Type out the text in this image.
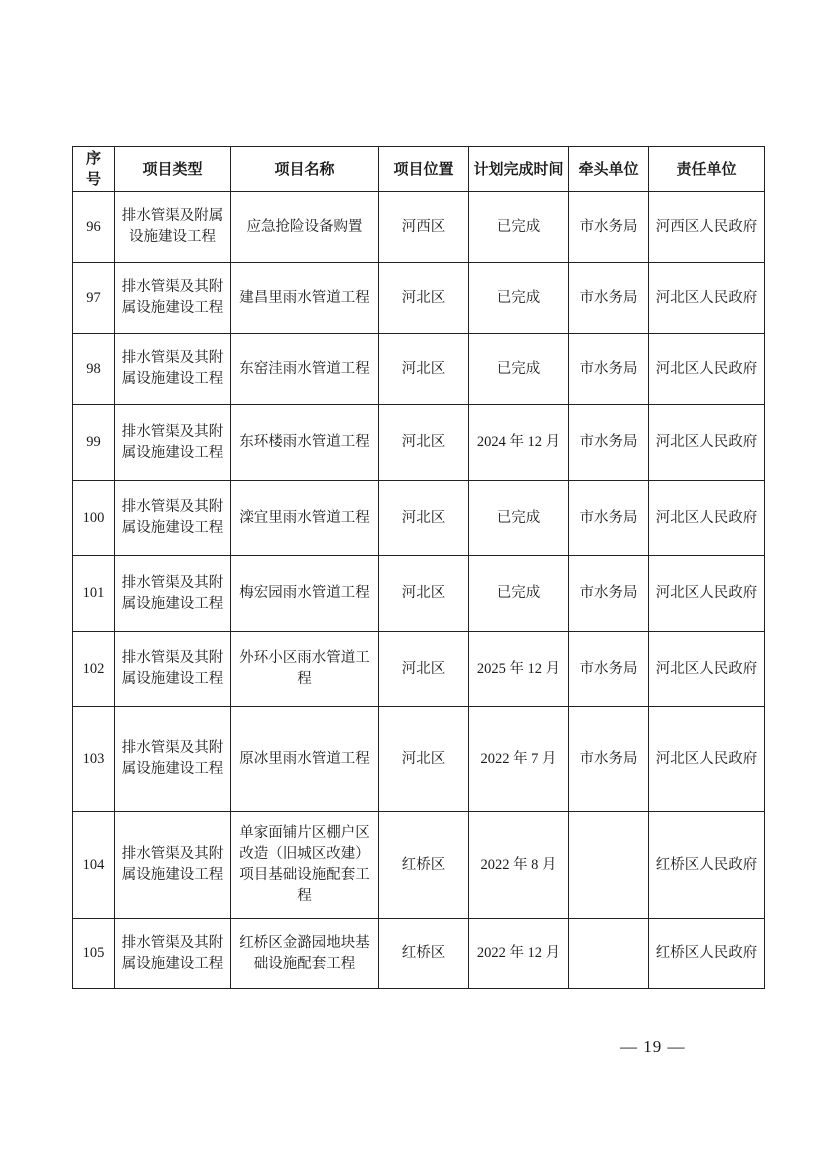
序号	项目类型	项目名称	项目位置	计划完成时间	牵头单位	责任单位
96	排水管渠及附属设施建设工程	应急抢险设备购置	河西区	已完成	市水务局	河西区人民政府
97	排水管渠及其附属设施建设工程	建昌里雨水管道工程	河北区	已完成	市水务局	河北区人民政府
98	排水管渠及其附属设施建设工程	东窑洼雨水管道工程	河北区	已完成	市水务局	河北区人民政府
99	排水管渠及其附属设施建设工程	东环楼雨水管道工程	河北区	2024 年 12 月	市水务局	河北区人民政府
100	排水管渠及其附属设施建设工程	滦宜里雨水管道工程	河北区	已完成	市水务局	河北区人民政府
101	排水管渠及其附属设施建设工程	梅宏园雨水管道工程	河北区	已完成	市水务局	河北区人民政府
102	排水管渠及其附属设施建设工程	外环小区雨水管道工程	河北区	2025 年 12 月	市水务局	河北区人民政府
103	排水管渠及其附属设施建设工程	原冰里雨水管道工程	河北区	2022 年 7 月	市水务局	河北区人民政府
104	排水管渠及其附属设施建设工程	单家面铺片区棚户区改造（旧城区改建）项目基础设施配套工程	红桥区	2022 年 8 月		红桥区人民政府
105	排水管渠及其附属设施建设工程	红桥区金潞园地块基础设施配套工程	红桥区	2022 年 12 月		红桥区人民政府
— 19 —
